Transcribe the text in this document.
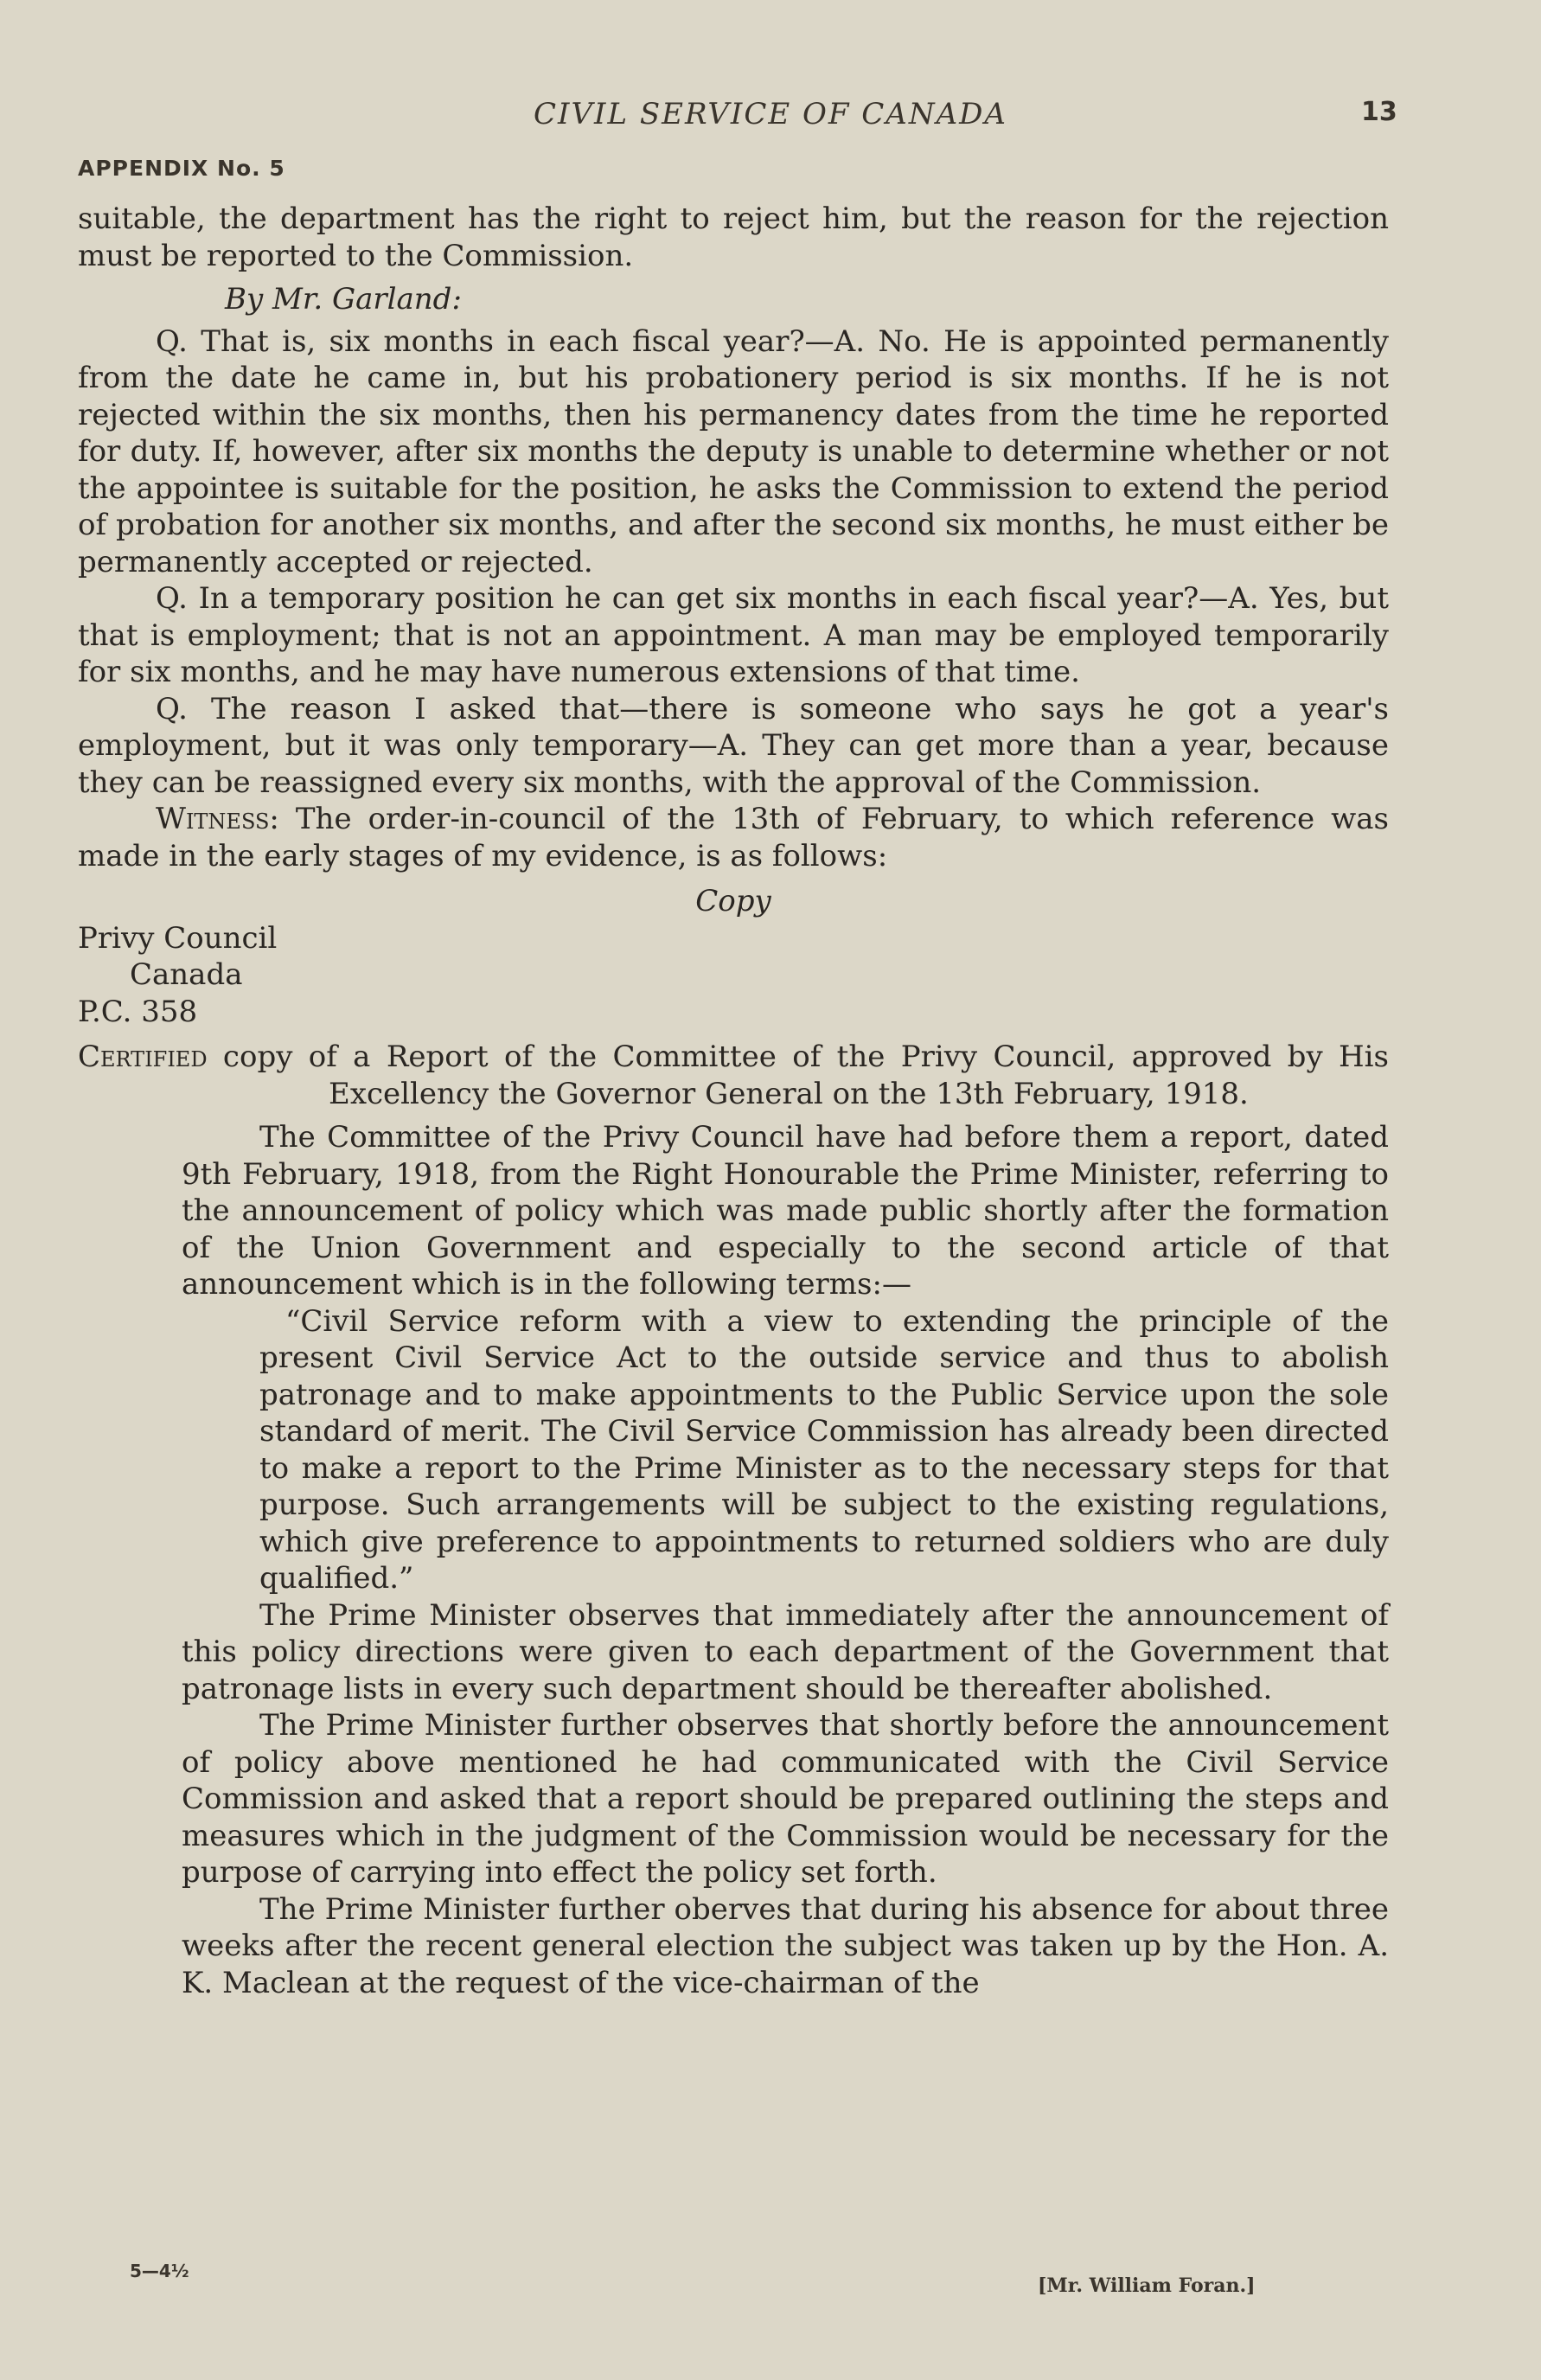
CIVIL SERVICE OF CANADA	13
APPENDIX No. 5

suitable, the department has the right to reject him, but the reason for the rejection must be reported to the Commission.

By Mr. Garland:

Q. That is, six months in each fiscal year?—A. No. He is appointed permanently from the date he came in, but his probationery period is six months. If he is not rejected within the six months, then his permanency dates from the time he reported for duty. If, however, after six months the deputy is unable to determine whether or not the appointee is suitable for the position, he asks the Commission to extend the period of probation for another six months, and after the second six months, he must either be permanently accepted or rejected.

Q. In a temporary position he can get six months in each fiscal year?—A. Yes, but that is employment; that is not an appointment. A man may be employed temporarily for six months, and he may have numerous extensions of that time.

Q. The reason I asked that—there is someone who says he got a year's employment, but it was only temporary—A. They can get more than a year, because they can be reassigned every six months, with the approval of the Commission.

Witness: The order-in-council of the 13th of February, to which reference was made in the early stages of my evidence, is as follows:

Copy

Privy Council

Canada

P.C. 358

Certified copy of a Report of the Committee of the Privy Council, approved by His Excellency the Governor General on the 13th February, 1918.

The Committee of the Privy Council have had before them a report, dated 9th February, 1918, from the Right Honourable the Prime Minister, referring to the announcement of policy which was made public shortly after the formation of the Union Government and especially to the second article of that announcement which is in the following terms:—

“Civil Service reform with a view to extending the principle of the present Civil Service Act to the outside service and thus to abolish patronage and to make appointments to the Public Service upon the sole standard of merit. The Civil Service Commission has already been directed to make a report to the Prime Minister as to the necessary steps for that purpose. Such arrangements will be subject to the existing regulations, which give preference to appointments to returned soldiers who are duly qualified.”

The Prime Minister observes that immediately after the announcement of this policy directions were given to each department of the Government that patronage lists in every such department should be thereafter abolished.

The Prime Minister further observes that shortly before the announcement of policy above mentioned he had communicated with the Civil Service Commission and asked that a report should be prepared outlining the steps and measures which in the judgment of the Commission would be necessary for the purpose of carrying into effect the policy set forth.

The Prime Minister further oberves that during his absence for about three weeks after the recent general election the subject was taken up by the Hon. A. K. Maclean at the request of the vice-chairman of the

5—4½
[Mr. William Foran.]
